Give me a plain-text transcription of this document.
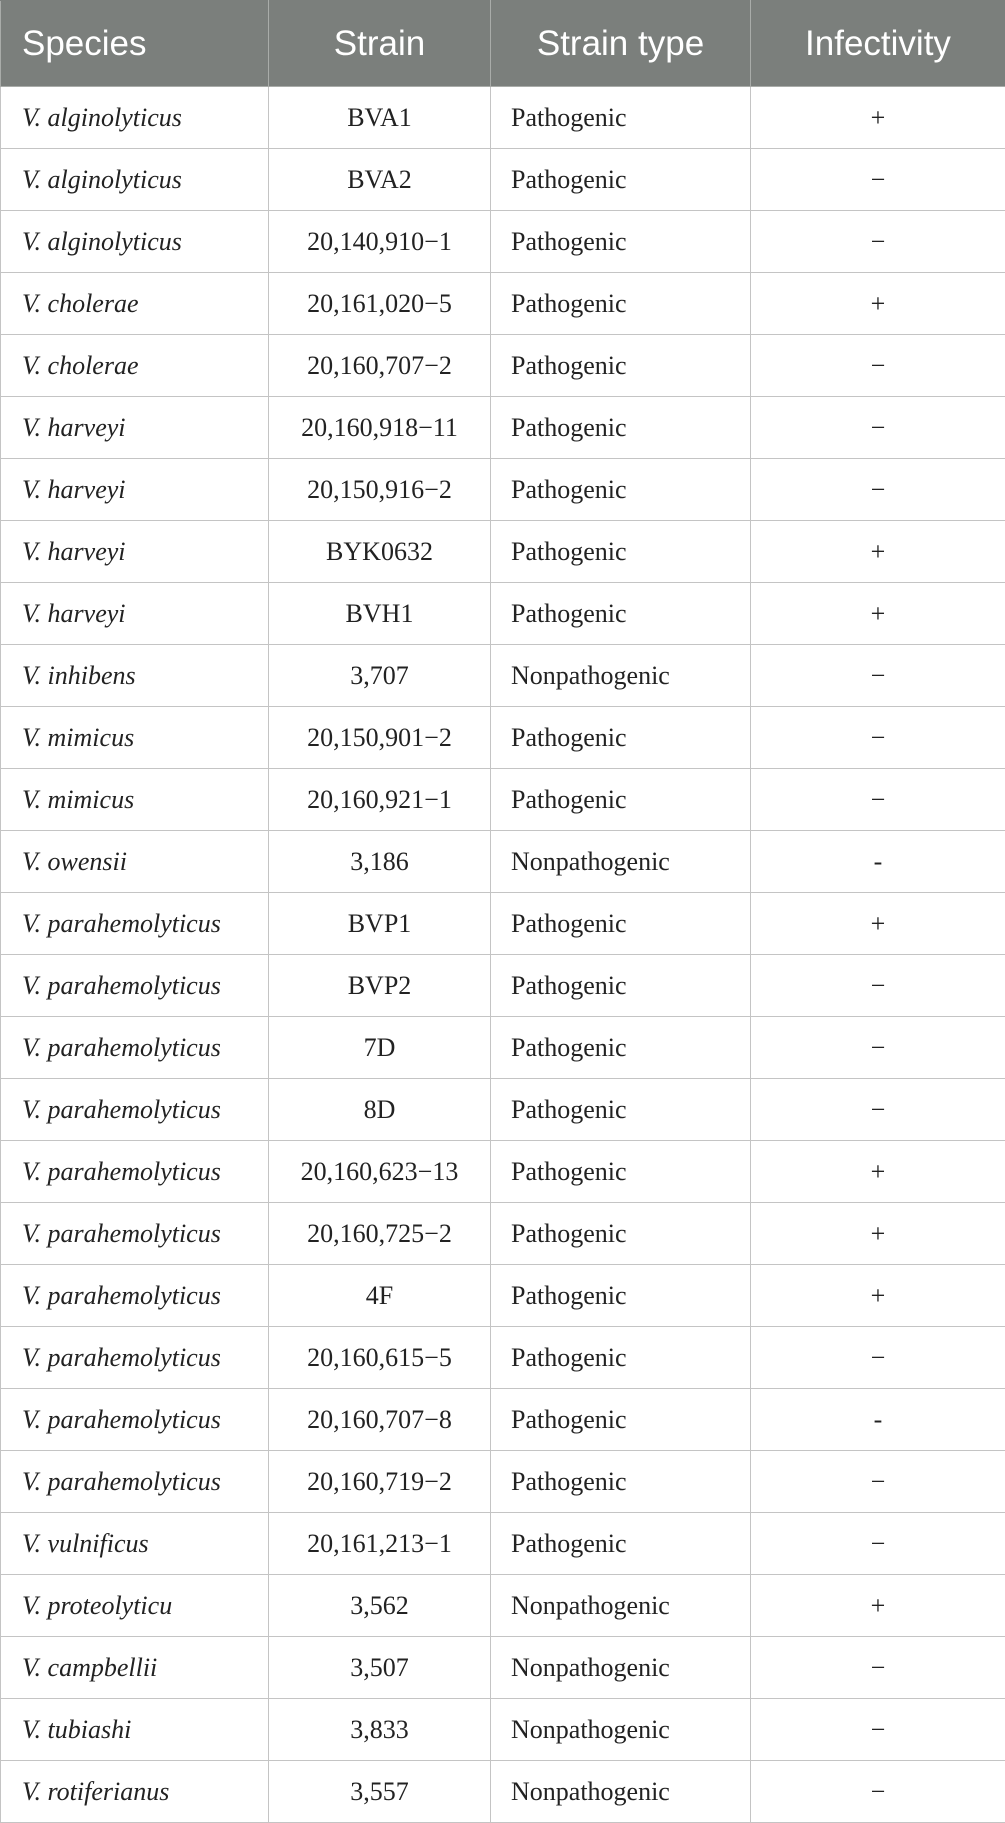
Species	Strain	Strain type	Infectivity
V. alginolyticus	BVA1	Pathogenic	+
V. alginolyticus	BVA2	Pathogenic	−
V. alginolyticus	20,140,910−1	Pathogenic	−
V. cholerae	20,161,020−5	Pathogenic	+
V. cholerae	20,160,707−2	Pathogenic	−
V. harveyi	20,160,918−11	Pathogenic	−
V. harveyi	20,150,916−2	Pathogenic	−
V. harveyi	BYK0632	Pathogenic	+
V. harveyi	BVH1	Pathogenic	+
V. inhibens	3,707	Nonpathogenic	−
V. mimicus	20,150,901−2	Pathogenic	−
V. mimicus	20,160,921−1	Pathogenic	−
V. owensii	3,186	Nonpathogenic	-
V. parahemolyticus	BVP1	Pathogenic	+
V. parahemolyticus	BVP2	Pathogenic	−
V. parahemolyticus	7D	Pathogenic	−
V. parahemolyticus	8D	Pathogenic	−
V. parahemolyticus	20,160,623−13	Pathogenic	+
V. parahemolyticus	20,160,725−2	Pathogenic	+
V. parahemolyticus	4F	Pathogenic	+
V. parahemolyticus	20,160,615−5	Pathogenic	−
V. parahemolyticus	20,160,707−8	Pathogenic	-
V. parahemolyticus	20,160,719−2	Pathogenic	−
V. vulnificus	20,161,213−1	Pathogenic	−
V. proteolyticu	3,562	Nonpathogenic	+
V. campbellii	3,507	Nonpathogenic	−
V. tubiashi	3,833	Nonpathogenic	−
V. rotiferianus	3,557	Nonpathogenic	−
